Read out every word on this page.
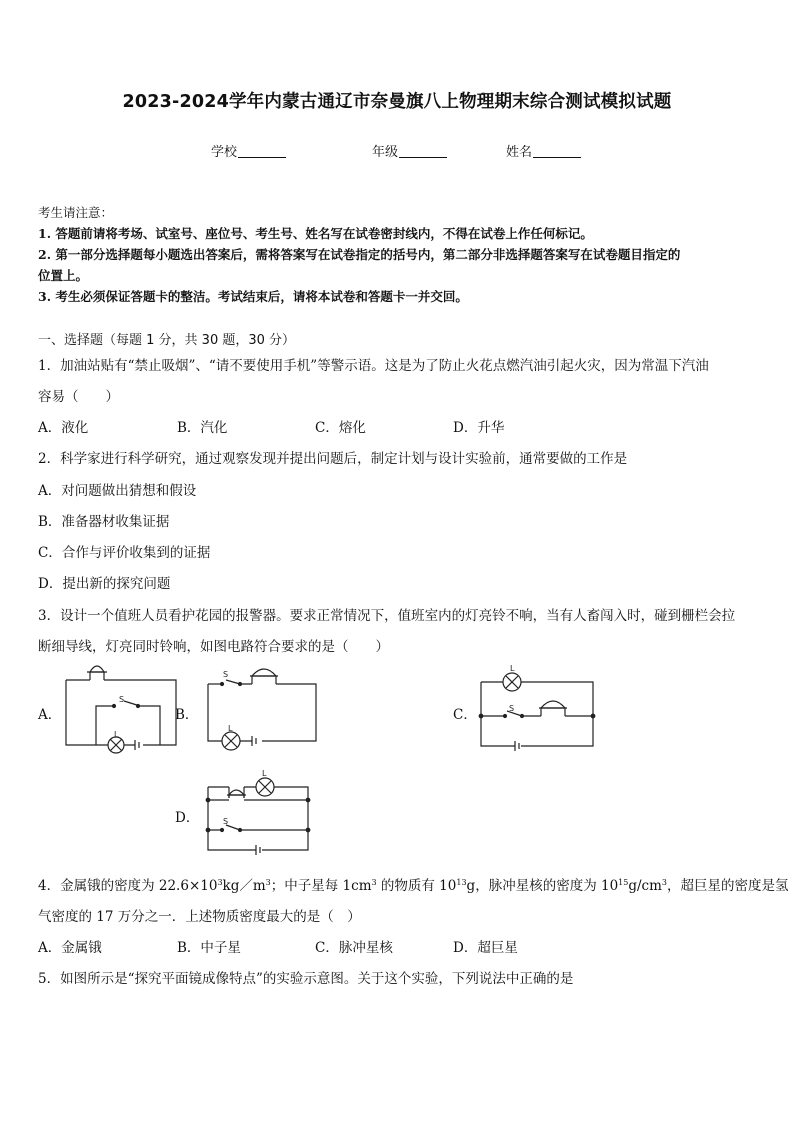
2023-2024学年内蒙古通辽市奈曼旗八上物理期末综合测试模拟试题
学校	年级	姓名
考生请注意：
1. 答题前请将考场、试室号、座位号、考生号、姓名写在试卷密封线内，不得在试卷上作任何标记。
2. 第一部分选择题每小题选出答案后，需将答案写在试卷指定的括号内，第二部分非选择题答案写在试卷题目指定的
位置上。
3. 考生必须保证答题卡的整洁。考试结束后，请将本试卷和答题卡一并交回。
一、选择题（每题 1 分，共 30 题，30 分）
1．加油站贴有“禁止吸烟”、“请不要使用手机”等警示语。这是为了防止火花点燃汽油引起火灾，因为常温下汽油
容易（　　）
A．液化	B．汽化	C．熔化	D．升华
2．科学家进行科学研究，通过观察发现并提出问题后，制定计划与设计实验前，通常要做的工作是
A．对问题做出猜想和假设
B．准备器材收集证据
C．合作与评价收集到的证据
D．提出新的探究问题
3．设计一个值班人员看护花园的报警器。要求正常情况下，值班室内的灯亮铃不响，当有人畜闯入时，碰到栅栏会拉
断细导线，灯亮同时铃响，如图电路符合要求的是（　　）
A．	B．	C．
D．
S
L
S
L
L
S
L
S
4．金属锇的密度为 $22.6\times 10^3kg/m^3$；中子星每 $1cm^3$ 的物质有 $10^{13}g$，脉冲星核的密度为 $10^{15}g/cm^3$，超巨星的密度是氢
气密度的 17 万分之一．上述物质密度最大的是（　）
A．金属锇	B．中子星	C．脉冲星核	D．超巨星
5．如图所示是“探究平面镜成像特点”的实验示意图。关于这个实验，下列说法中正确的是
